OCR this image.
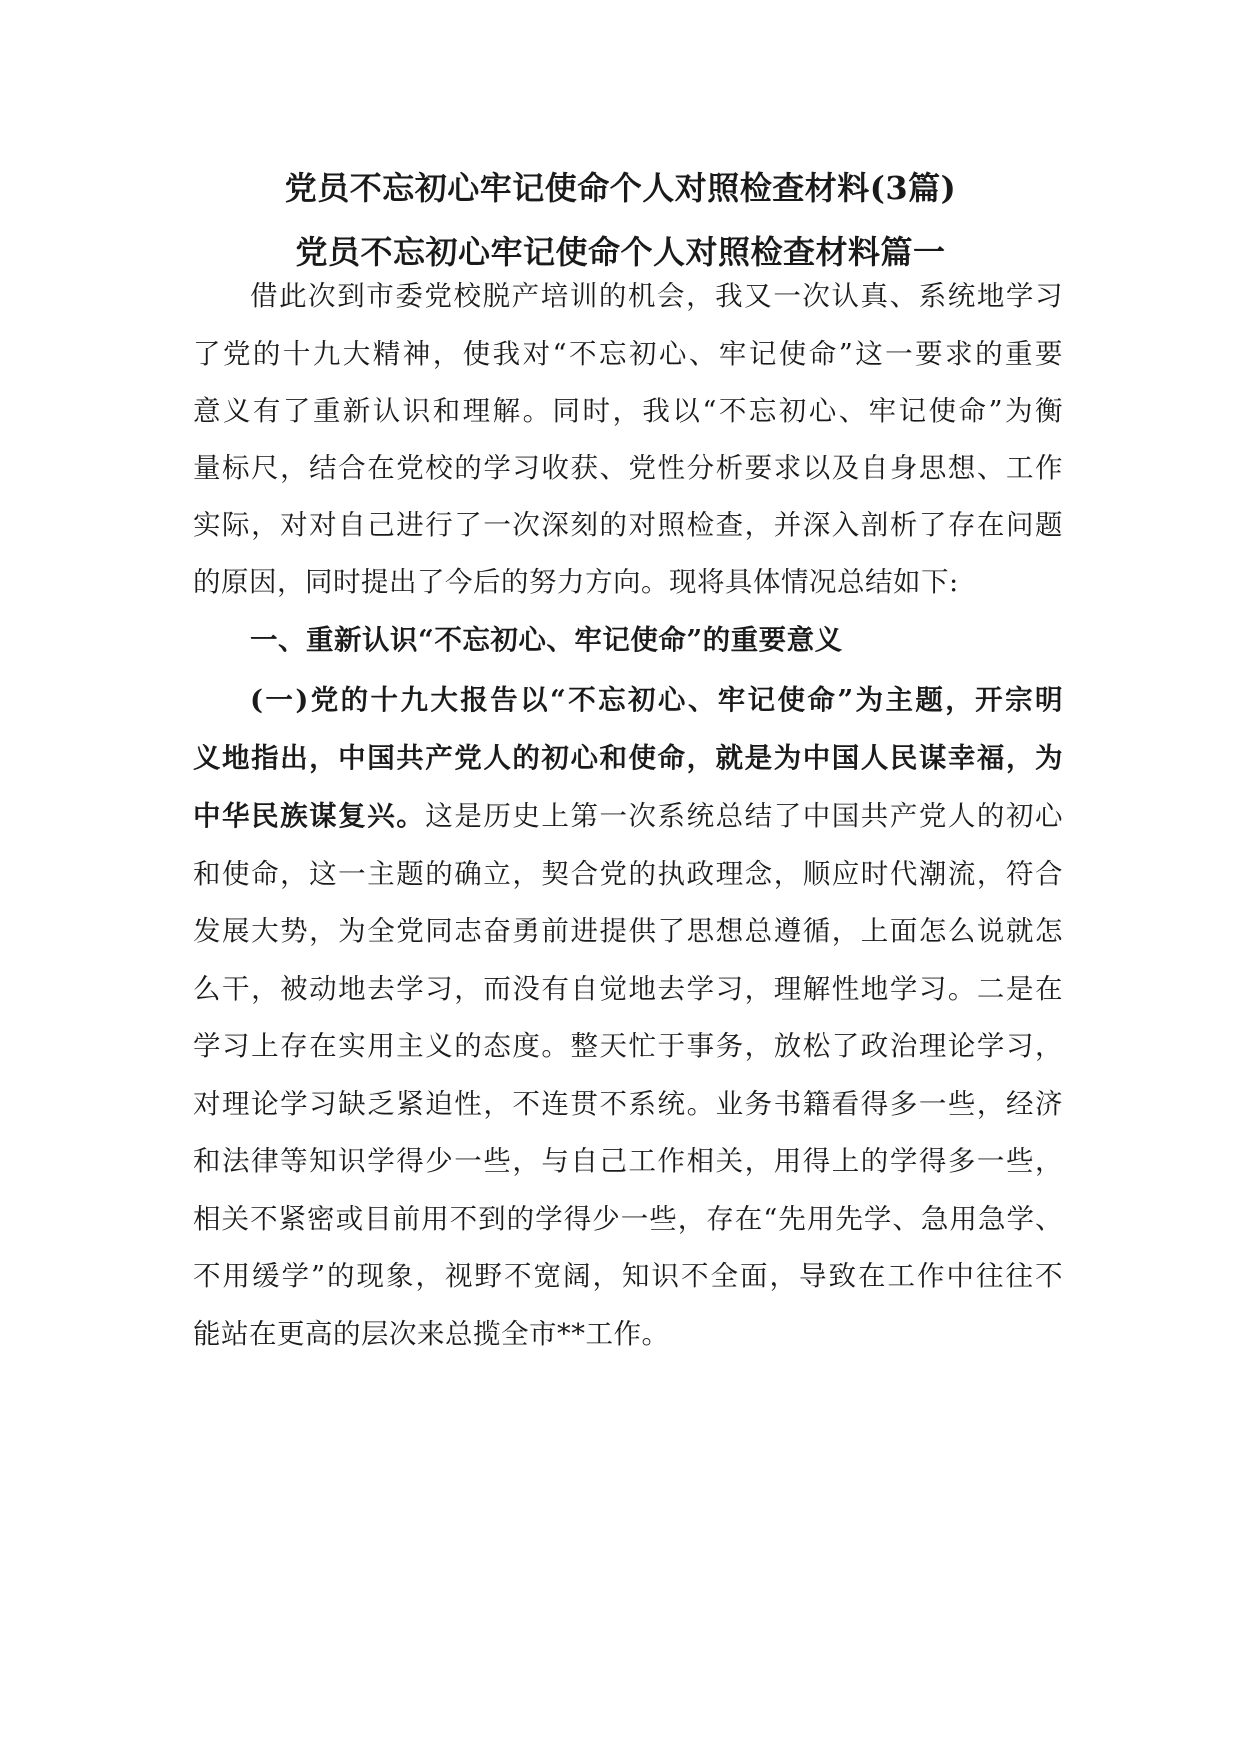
党员不忘初心牢记使命个人对照检查材料(3篇)
党员不忘初心牢记使命个人对照检查材料篇一
借此次到市委党校脱产培训的机会，我又一次认真、系统地学习
了党的十九大精神，使我对“不忘初心、牢记使命”这一要求的重要
意义有了重新认识和理解。同时，我以“不忘初心、牢记使命”为衡
量标尺，结合在党校的学习收获、党性分析要求以及自身思想、工作
实际，对对自己进行了一次深刻的对照检查，并深入剖析了存在问题
的原因，同时提出了今后的努力方向。现将具体情况总结如下:
一、重新认识“不忘初心、牢记使命”的重要意义
(一)党的十九大报告以“不忘初心、牢记使命”为主题，开宗明
义地指出，中国共产党人的初心和使命，就是为中国人民谋幸福，为
中华民族谋复兴。这是历史上第一次系统总结了中国共产党人的初心
和使命，这一主题的确立，契合党的执政理念，顺应时代潮流，符合
发展大势，为全党同志奋勇前进提供了思想总遵循，上面怎么说就怎
么干，被动地去学习，而没有自觉地去学习，理解性地学习。二是在
学习上存在实用主义的态度。整天忙于事务，放松了政治理论学习，
对理论学习缺乏紧迫性，不连贯不系统。业务书籍看得多一些，经济
和法律等知识学得少一些，与自己工作相关，用得上的学得多一些，
相关不紧密或目前用不到的学得少一些，存在“先用先学、急用急学、
不用缓学”的现象，视野不宽阔，知识不全面，导致在工作中往往不
能站在更高的层次来总揽全市**工作。
